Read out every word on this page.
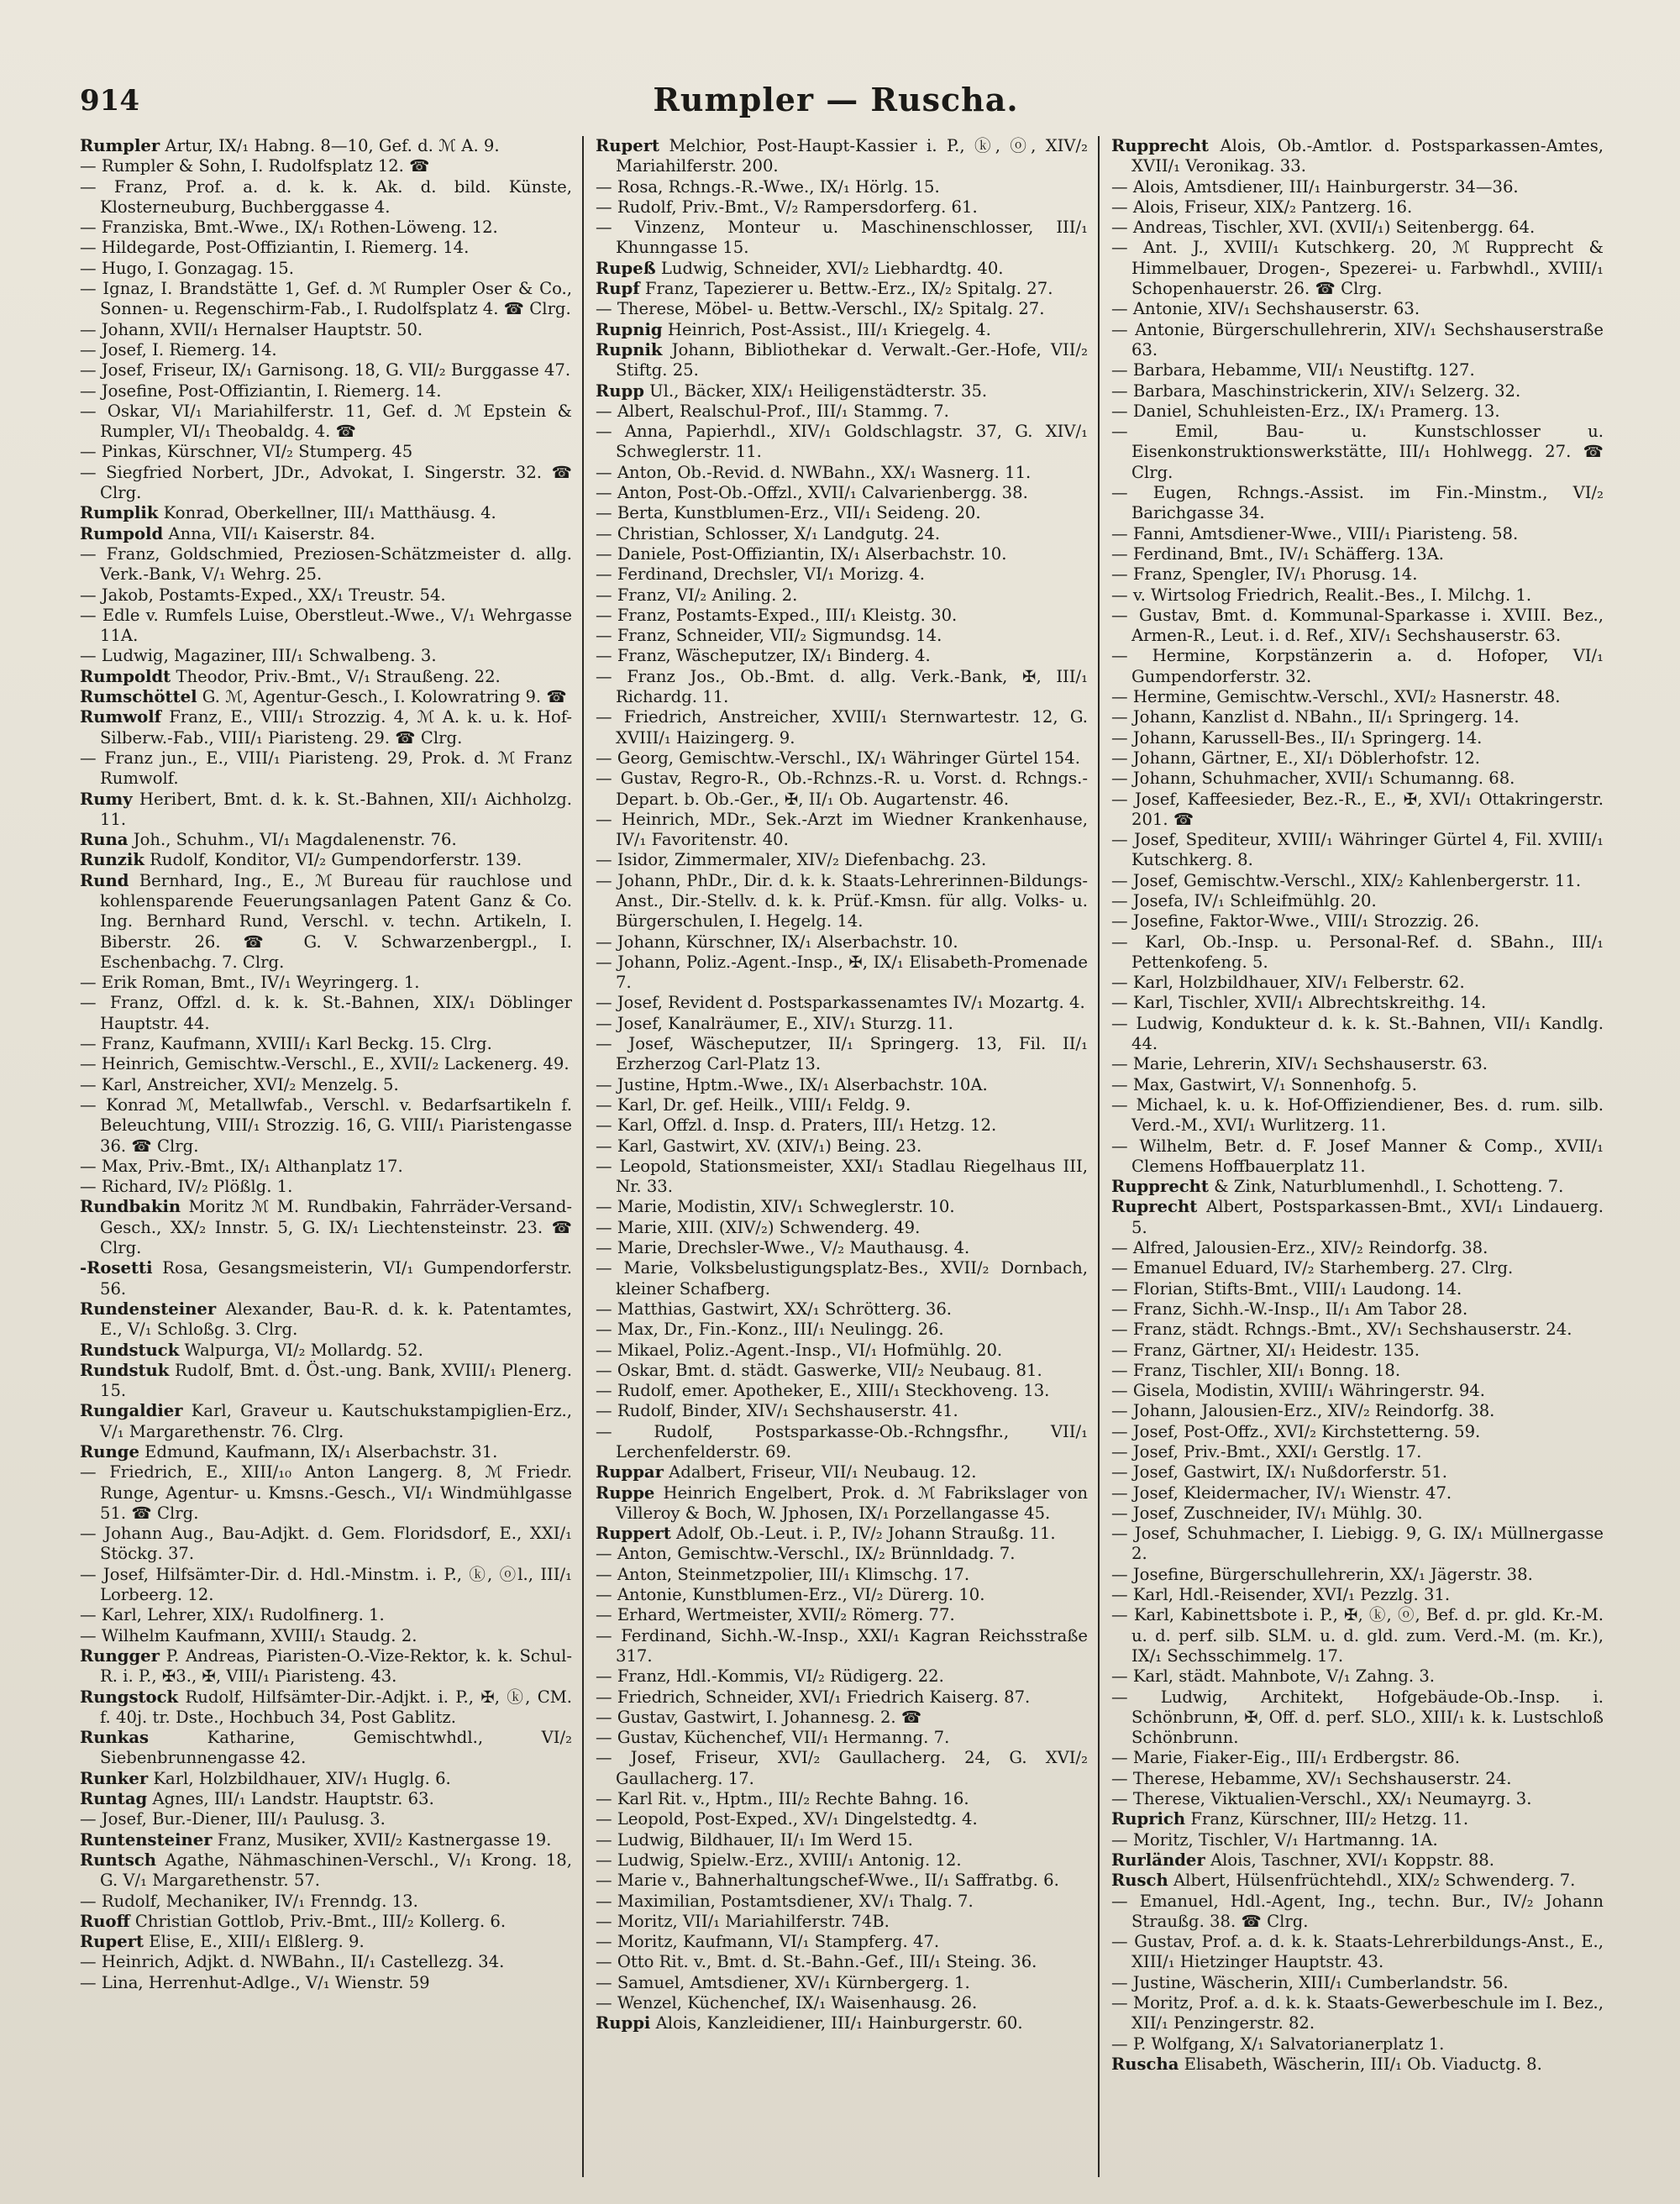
914	Rumpler — Ruscha.

Rumpler Artur, IX/₁ Habng. 8—10, Gef. d. ℳ A. 9.

— Rumpler & Sohn, I. Rudolfsplatz 12. ☎

— Franz, Prof. a. d. k. k. Ak. d. bild. Künste, Klosterneuburg, Buchberggasse 4.

— Franziska, Bmt.-Wwe., IX/₁ Rothen-Löweng. 12.

— Hildegarde, Post-Offiziantin, I. Riemerg. 14.

— Hugo, I. Gonzagag. 15.

— Ignaz, I. Brandstätte 1, Gef. d. ℳ Rumpler Oser & Co., Sonnen- u. Regenschirm-Fab., I. Rudolfsplatz 4. ☎ Clrg.

— Johann, XVII/₁ Hernalser Hauptstr. 50.

— Josef, I. Riemerg. 14.

— Josef, Friseur, IX/₁ Garnisong. 18, G. VII/₂ Burggasse 47.

— Josefine, Post-Offiziantin, I. Riemerg. 14.

— Oskar, VI/₁ Mariahilferstr. 11, Gef. d. ℳ Epstein & Rumpler, VI/₁ Theobaldg. 4. ☎

— Pinkas, Kürschner, VI/₂ Stumperg. 45

— Siegfried Norbert, JDr., Advokat, I. Singerstr. 32. ☎ Clrg.

Rumplik Konrad, Oberkellner, III/₁ Matthäusg. 4.

Rumpold Anna, VII/₁ Kaiserstr. 84.

— Franz, Goldschmied, Preziosen-Schätzmeister d. allg. Verk.-Bank, V/₁ Wehrg. 25.

— Jakob, Postamts-Exped., XX/₁ Treustr. 54.

— Edle v. Rumfels Luise, Oberstleut.-Wwe., V/₁ Wehrgasse 11A.

— Ludwig, Magaziner, III/₁ Schwalbeng. 3.

Rumpoldt Theodor, Priv.-Bmt., V/₁ Straußeng. 22.

Rumschöttel G. ℳ, Agentur-Gesch., I. Kolowratring 9. ☎

Rumwolf Franz, E., VIII/₁ Strozzig. 4, ℳ A. k. u. k. Hof-Silberw.-Fab., VIII/₁ Piaristeng. 29. ☎ Clrg.

— Franz jun., E., VIII/₁ Piaristeng. 29, Prok. d. ℳ Franz Rumwolf.

Rumy Heribert, Bmt. d. k. k. St.-Bahnen, XII/₁ Aichholzg. 11.

Runa Joh., Schuhm., VI/₁ Magdalenenstr. 76.

Runzik Rudolf, Konditor, VI/₂ Gumpendorferstr. 139.

Rund Bernhard, Ing., E., ℳ Bureau für rauchlose und kohlensparende Feuerungsanlagen Patent Ganz & Co. Ing. Bernhard Rund, Verschl. v. techn. Artikeln, I. Biberstr. 26. ☎ G. V. Schwarzenbergpl., I. Eschenbachg. 7. Clrg.

— Erik Roman, Bmt., IV/₁ Weyringerg. 1.

— Franz, Offzl. d. k. k. St.-Bahnen, XIX/₁ Döblinger Hauptstr. 44.

— Franz, Kaufmann, XVIII/₁ Karl Beckg. 15. Clrg.

— Heinrich, Gemischtw.-Verschl., E., XVII/₂ Lackenerg. 49.

— Karl, Anstreicher, XVI/₂ Menzelg. 5.

— Konrad ℳ, Metallwfab., Verschl. v. Bedarfsartikeln f. Beleuchtung, VIII/₁ Strozzig. 16, G. VIII/₁ Piaristengasse 36. ☎ Clrg.

— Max, Priv.-Bmt., IX/₁ Althanplatz 17.

— Richard, IV/₂ Plößlg. 1.

Rundbakin Moritz ℳ M. Rundbakin, Fahrräder-Versand-Gesch., XX/₂ Innstr. 5, G. IX/₁ Liechtensteinstr. 23. ☎ Clrg.

-Rosetti Rosa, Gesangsmeisterin, VI/₁ Gumpendorferstr. 56.

Rundensteiner Alexander, Bau-R. d. k. k. Patentamtes, E., V/₁ Schloßg. 3. Clrg.

Rundstuck Walpurga, VI/₂ Mollardg. 52.

Rundstuk Rudolf, Bmt. d. Öst.-ung. Bank, XVIII/₁ Plenerg. 15.

Rungaldier Karl, Graveur u. Kautschukstampiglien-Erz., V/₁ Margarethenstr. 76. Clrg.

Runge Edmund, Kaufmann, IX/₁ Alserbachstr. 31.

— Friedrich, E., XIII/₁₀ Anton Langerg. 8, ℳ Friedr. Runge, Agentur- u. Kmsns.-Gesch., VI/₁ Windmühlgasse 51. ☎ Clrg.

— Johann Aug., Bau-Adjkt. d. Gem. Floridsdorf, E., XXI/₁ Stöckg. 37.

— Josef, Hilfsämter-Dir. d. Hdl.-Minstm. i. P., ⓚ, ⓞl., III/₁ Lorbeerg. 12.

— Karl, Lehrer, XIX/₁ Rudolfinerg. 1.

— Wilhelm Kaufmann, XVIII/₁ Staudg. 2.

Rungger P. Andreas, Piaristen-O.-Vize-Rektor, k. k. Schul-R. i. P., ✠3., ✠, VIII/₁ Piaristeng. 43.

Rungstock Rudolf, Hilfsämter-Dir.-Adjkt. i. P., ✠, ⓚ, CM. f. 40j. tr. Dste., Hochbuch 34, Post Gablitz.

Runkas Katharine, Gemischtwhdl., VI/₂ Siebenbrunnengasse 42.

Runker Karl, Holzbildhauer, XIV/₁ Huglg. 6.

Runtag Agnes, III/₁ Landstr. Hauptstr. 63.

— Josef, Bur.-Diener, III/₁ Paulusg. 3.

Runtensteiner Franz, Musiker, XVII/₂ Kastnergasse 19.

Runtsch Agathe, Nähmaschinen-Verschl., V/₁ Krong. 18, G. V/₁ Margarethenstr. 57.

— Rudolf, Mechaniker, IV/₁ Frenndg. 13.

Ruoff Christian Gottlob, Priv.-Bmt., III/₂ Kollerg. 6.

Rupert Elise, E., XIII/₁ Elßlerg. 9.

— Heinrich, Adjkt. d. NWBahn., II/₁ Castellezg. 34.

— Lina, Herrenhut-Adlge., V/₁ Wienstr. 59

Rupert Melchior, Post-Haupt-Kassier i. P., ⓚ, ⓞ, XIV/₂ Mariahilferstr. 200.

— Rosa, Rchngs.-R.-Wwe., IX/₁ Hörlg. 15.

— Rudolf, Priv.-Bmt., V/₂ Rampersdorferg. 61.

— Vinzenz, Monteur u. Maschinenschlosser, III/₁ Khunngasse 15.

Rupeß Ludwig, Schneider, XVI/₂ Liebhardtg. 40.

Rupf Franz, Tapezierer u. Bettw.-Erz., IX/₂ Spitalg. 27.

— Therese, Möbel- u. Bettw.-Verschl., IX/₂ Spitalg. 27.

Rupnig Heinrich, Post-Assist., III/₁ Kriegelg. 4.

Rupnik Johann, Bibliothekar d. Verwalt.-Ger.-Hofe, VII/₂ Stiftg. 25.

Rupp Ul., Bäcker, XIX/₁ Heiligenstädterstr. 35.

— Albert, Realschul-Prof., III/₁ Stammg. 7.

— Anna, Papierhdl., XIV/₁ Goldschlagstr. 37, G. XIV/₁ Schweglerstr. 11.

— Anton, Ob.-Revid. d. NWBahn., XX/₁ Wasnerg. 11.

— Anton, Post-Ob.-Offzl., XVII/₁ Calvarienbergg. 38.

— Berta, Kunstblumen-Erz., VII/₁ Seideng. 20.

— Christian, Schlosser, X/₁ Landgutg. 24.

— Daniele, Post-Offiziantin, IX/₁ Alserbachstr. 10.

— Ferdinand, Drechsler, VI/₁ Morizg. 4.

— Franz, VI/₂ Aniling. 2.

— Franz, Postamts-Exped., III/₁ Kleistg. 30.

— Franz, Schneider, VII/₂ Sigmundsg. 14.

— Franz, Wäscheputzer, IX/₁ Binderg. 4.

— Franz Jos., Ob.-Bmt. d. allg. Verk.-Bank, ✠, III/₁ Richardg. 11.

— Friedrich, Anstreicher, XVIII/₁ Sternwartestr. 12, G. XVIII/₁ Haizingerg. 9.

— Georg, Gemischtw.-Verschl., IX/₁ Währinger Gürtel 154.

— Gustav, Regro-R., Ob.-Rchnzs.-R. u. Vorst. d. Rchngs.-Depart. b. Ob.-Ger., ✠, II/₁ Ob. Augartenstr. 46.

— Heinrich, MDr., Sek.-Arzt im Wiedner Krankenhause, IV/₁ Favoritenstr. 40.

— Isidor, Zimmermaler, XIV/₂ Diefenbachg. 23.

— Johann, PhDr., Dir. d. k. k. Staats-Lehrerinnen-Bildungs-Anst., Dir.-Stellv. d. k. k. Prüf.-Kmsn. für allg. Volks- u. Bürgerschulen, I. Hegelg. 14.

— Johann, Kürschner, IX/₁ Alserbachstr. 10.

— Johann, Poliz.-Agent.-Insp., ✠, IX/₁ Elisabeth-Promenade 7.

— Josef, Revident d. Postsparkassenamtes IV/₁ Mozartg. 4.

— Josef, Kanalräumer, E., XIV/₁ Sturzg. 11.

— Josef, Wäscheputzer, II/₁ Springerg. 13, Fil. II/₁ Erzherzog Carl-Platz 13.

— Justine, Hptm.-Wwe., IX/₁ Alserbachstr. 10A.

— Karl, Dr. gef. Heilk., VIII/₁ Feldg. 9.

— Karl, Offzl. d. Insp. d. Praters, III/₁ Hetzg. 12.

— Karl, Gastwirt, XV. (XIV/₁) Being. 23.

— Leopold, Stationsmeister, XXI/₁ Stadlau Riegelhaus III, Nr. 33.

— Marie, Modistin, XIV/₁ Schweglerstr. 10.

— Marie, XIII. (XIV/₂) Schwenderg. 49.

— Marie, Drechsler-Wwe., V/₂ Mauthausg. 4.

— Marie, Volksbelustigungsplatz-Bes., XVII/₂ Dornbach, kleiner Schafberg.

— Matthias, Gastwirt, XX/₁ Schrötterg. 36.

— Max, Dr., Fin.-Konz., III/₁ Neulingg. 26.

— Mikael, Poliz.-Agent.-Insp., VI/₁ Hofmühlg. 20.

— Oskar, Bmt. d. städt. Gaswerke, VII/₂ Neubaug. 81.

— Rudolf, emer. Apotheker, E., XIII/₁ Steckhoveng. 13.

— Rudolf, Binder, XIV/₁ Sechshauserstr. 41.

— Rudolf, Postsparkasse-Ob.-Rchngsfhr., VII/₁ Lerchenfelderstr. 69.

Ruppar Adalbert, Friseur, VII/₁ Neubaug. 12.

Ruppe Heinrich Engelbert, Prok. d. ℳ Fabrikslager von Villeroy & Boch, W. Jphosen, IX/₁ Porzellangasse 45.

Ruppert Adolf, Ob.-Leut. i. P., IV/₂ Johann Straußg. 11.

— Anton, Gemischtw.-Verschl., IX/₂ Brünnldadg. 7.

— Anton, Steinmetzpolier, III/₁ Klimschg. 17.

— Antonie, Kunstblumen-Erz., VI/₂ Dürerg. 10.

— Erhard, Wertmeister, XVII/₂ Römerg. 77.

— Ferdinand, Sichh.-W.-Insp., XXI/₁ Kagran Reichsstraße 317.

— Franz, Hdl.-Kommis, VI/₂ Rüdigerg. 22.

— Friedrich, Schneider, XVI/₁ Friedrich Kaiserg. 87.

— Gustav, Gastwirt, I. Johannesg. 2. ☎

— Gustav, Küchenchef, VII/₁ Hermanng. 7.

— Josef, Friseur, XVI/₂ Gaullacherg. 24, G. XVI/₂ Gaullacherg. 17.

— Karl Rit. v., Hptm., III/₂ Rechte Bahng. 16.

— Leopold, Post-Exped., XV/₁ Dingelstedtg. 4.

— Ludwig, Bildhauer, II/₁ Im Werd 15.

— Ludwig, Spielw.-Erz., XVIII/₁ Antonig. 12.

— Marie v., Bahnerhaltungschef-Wwe., II/₁ Saffratbg. 6.

— Maximilian, Postamtsdiener, XV/₁ Thalg. 7.

— Moritz, VII/₁ Mariahilferstr. 74B.

— Moritz, Kaufmann, VI/₁ Stampferg. 47.

— Otto Rit. v., Bmt. d. St.-Bahn.-Gef., III/₁ Steing. 36.

— Samuel, Amtsdiener, XV/₁ Kürnbergerg. 1.

— Wenzel, Küchenchef, IX/₁ Waisenhausg. 26.

Ruppi Alois, Kanzleidiener, III/₁ Hainburgerstr. 60.

Rupprecht Alois, Ob.-Amtlor. d. Postsparkassen-Amtes, XVII/₁ Veronikag. 33.

— Alois, Amtsdiener, III/₁ Hainburgerstr. 34—36.

— Alois, Friseur, XIX/₂ Pantzerg. 16.

— Andreas, Tischler, XVI. (XVII/₁) Seitenbergg. 64.

— Ant. J., XVIII/₁ Kutschkerg. 20, ℳ Rupprecht & Himmelbauer, Drogen-, Spezerei- u. Farbwhdl., XVIII/₁ Schopenhauerstr. 26. ☎ Clrg.

— Antonie, XIV/₁ Sechshauserstr. 63.

— Antonie, Bürgerschullehrerin, XIV/₁ Sechshauserstraße 63.

— Barbara, Hebamme, VII/₁ Neustiftg. 127.

— Barbara, Maschinstrickerin, XIV/₁ Selzerg. 32.

— Daniel, Schuhleisten-Erz., IX/₁ Pramerg. 13.

— Emil, Bau- u. Kunstschlosser u. Eisenkonstruktionswerkstätte, III/₁ Hohlwegg. 27. ☎ Clrg.

— Eugen, Rchngs.-Assist. im Fin.-Minstm., VI/₂ Barichgasse 34.

— Fanni, Amtsdiener-Wwe., VIII/₁ Piaristeng. 58.

— Ferdinand, Bmt., IV/₁ Schäfferg. 13A.

— Franz, Spengler, IV/₁ Phorusg. 14.

— v. Wirtsolog Friedrich, Realit.-Bes., I. Milchg. 1.

— Gustav, Bmt. d. Kommunal-Sparkasse i. XVIII. Bez., Armen-R., Leut. i. d. Ref., XIV/₁ Sechshauserstr. 63.

— Hermine, Korpstänzerin a. d. Hofoper, VI/₁ Gumpendorferstr. 32.

— Hermine, Gemischtw.-Verschl., XVI/₂ Hasnerstr. 48.

— Johann, Kanzlist d. NBahn., II/₁ Springerg. 14.

— Johann, Karussell-Bes., II/₁ Springerg. 14.

— Johann, Gärtner, E., XI/₁ Döblerhofstr. 12.

— Johann, Schuhmacher, XVII/₁ Schumanng. 68.

— Josef, Kaffeesieder, Bez.-R., E., ✠, XVI/₁ Ottakringerstr. 201. ☎

— Josef, Spediteur, XVIII/₁ Währinger Gürtel 4, Fil. XVIII/₁ Kutschkerg. 8.

— Josef, Gemischtw.-Verschl., XIX/₂ Kahlenbergerstr. 11.

— Josefa, IV/₁ Schleifmühlg. 20.

— Josefine, Faktor-Wwe., VIII/₁ Strozzig. 26.

— Karl, Ob.-Insp. u. Personal-Ref. d. SBahn., III/₁ Pettenkofeng. 5.

— Karl, Holzbildhauer, XIV/₁ Felberstr. 62.

— Karl, Tischler, XVII/₁ Albrechtskreithg. 14.

— Ludwig, Kondukteur d. k. k. St.-Bahnen, VII/₁ Kandlg. 44.

— Marie, Lehrerin, XIV/₁ Sechshauserstr. 63.

— Max, Gastwirt, V/₁ Sonnenhofg. 5.

— Michael, k. u. k. Hof-Offiziendiener, Bes. d. rum. silb. Verd.-M., XVI/₁ Wurlitzerg. 11.

— Wilhelm, Betr. d. F. Josef Manner & Comp., XVII/₁ Clemens Hoffbauerplatz 11.

Rupprecht & Zink, Naturblumenhdl., I. Schotteng. 7.

Ruprecht Albert, Postsparkassen-Bmt., XVI/₁ Lindauerg. 5.

— Alfred, Jalousien-Erz., XIV/₂ Reindorfg. 38.

— Emanuel Eduard, IV/₂ Starhemberg. 27. Clrg.

— Florian, Stifts-Bmt., VIII/₁ Laudong. 14.

— Franz, Sichh.-W.-Insp., II/₁ Am Tabor 28.

— Franz, städt. Rchngs.-Bmt., XV/₁ Sechshauserstr. 24.

— Franz, Gärtner, XI/₁ Heidestr. 135.

— Franz, Tischler, XII/₁ Bonng. 18.

— Gisela, Modistin, XVIII/₁ Währingerstr. 94.

— Johann, Jalousien-Erz., XIV/₂ Reindorfg. 38.

— Josef, Post-Offz., XVI/₂ Kirchstetterng. 59.

— Josef, Priv.-Bmt., XXI/₁ Gerstlg. 17.

— Josef, Gastwirt, IX/₁ Nußdorferstr. 51.

— Josef, Kleidermacher, IV/₁ Wienstr. 47.

— Josef, Zuschneider, IV/₁ Mühlg. 30.

— Josef, Schuhmacher, I. Liebigg. 9, G. IX/₁ Müllnergasse 2.

— Josefine, Bürgerschullehrerin, XX/₁ Jägerstr. 38.

— Karl, Hdl.-Reisender, XVI/₁ Pezzlg. 31.

— Karl, Kabinettsbote i. P., ✠, ⓚ, ⓞ, Bef. d. pr. gld. Kr.-M. u. d. perf. silb. SLM. u. d. gld. zum. Verd.-M. (m. Kr.), IX/₁ Sechsschimmelg. 17.

— Karl, städt. Mahnbote, V/₁ Zahng. 3.

— Ludwig, Architekt, Hofgebäude-Ob.-Insp. i. Schönbrunn, ✠, Off. d. perf. SLO., XIII/₁ k. k. Lustschloß Schönbrunn.

— Marie, Fiaker-Eig., III/₁ Erdbergstr. 86.

— Therese, Hebamme, XV/₁ Sechshauserstr. 24.

— Therese, Viktualien-Verschl., XX/₁ Neumayrg. 3.

Ruprich Franz, Kürschner, III/₂ Hetzg. 11.

— Moritz, Tischler, V/₁ Hartmanng. 1A.

Rurländer Alois, Taschner, XVI/₁ Koppstr. 88.

Rusch Albert, Hülsenfrüchtehdl., XIX/₂ Schwenderg. 7.

— Emanuel, Hdl.-Agent, Ing., techn. Bur., IV/₂ Johann Straußg. 38. ☎ Clrg.

— Gustav, Prof. a. d. k. k. Staats-Lehrerbildungs-Anst., E., XIII/₁ Hietzinger Hauptstr. 43.

— Justine, Wäscherin, XIII/₁ Cumberlandstr. 56.

— Moritz, Prof. a. d. k. k. Staats-Gewerbeschule im I. Bez., XII/₁ Penzingerstr. 82.

— P. Wolfgang, X/₁ Salvatorianerplatz 1.

Ruscha Elisabeth, Wäscherin, III/₁ Ob. Viaductg. 8.
